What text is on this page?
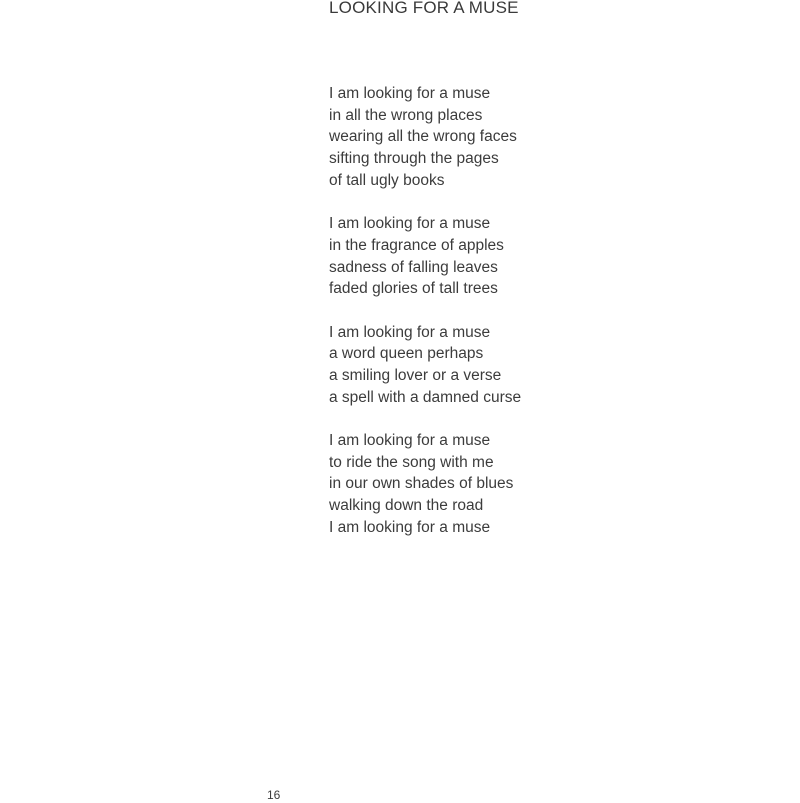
LOOKING FOR A MUSE
I am looking for a muse
in all the wrong places
wearing all the wrong faces
sifting through the pages
of tall ugly books
I am looking for a muse
in the fragrance of apples
sadness of falling leaves
faded glories of tall trees
I am looking for a muse
a word queen perhaps
a smiling lover or a verse
a spell with a damned curse
I am looking for a muse
to ride the song with me
in our own shades of blues
walking down the road
I am looking for a muse
16
